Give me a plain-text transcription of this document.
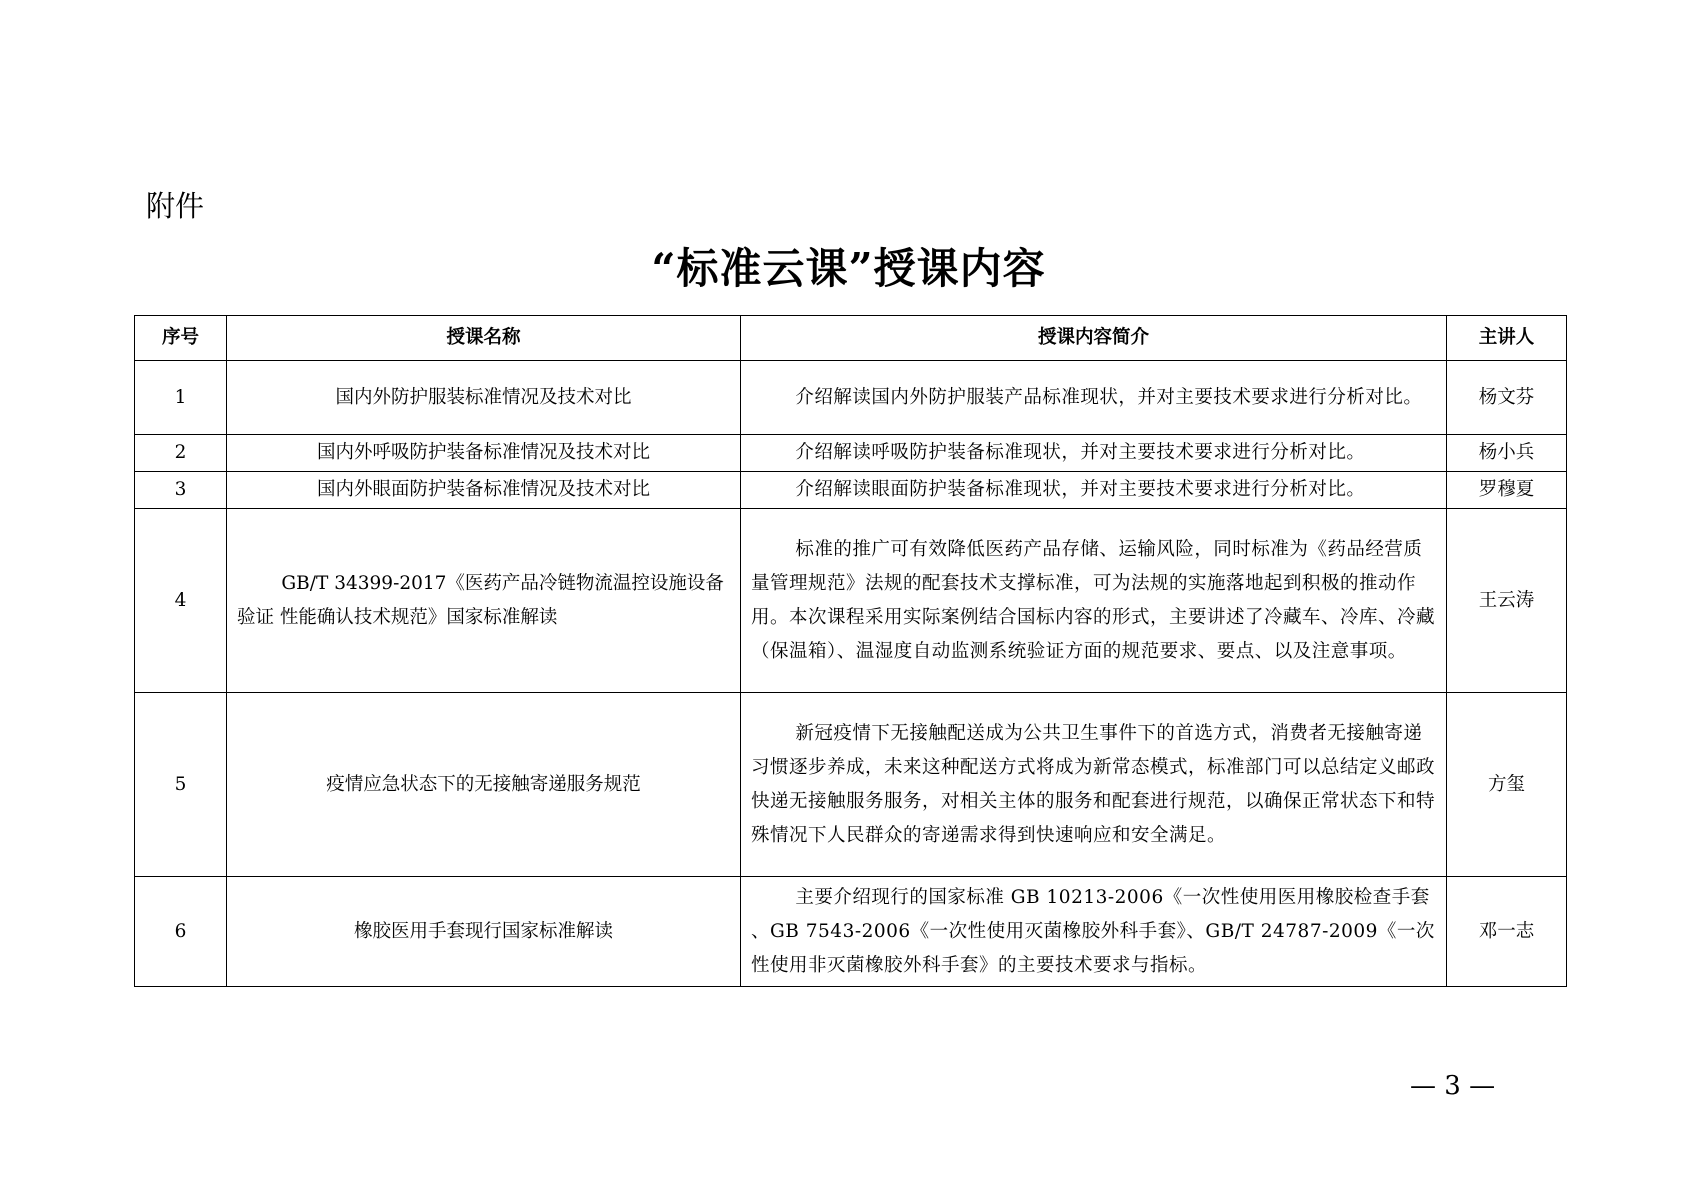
附件
“标准云课”授课内容
序号	授课名称	授课内容简介	主讲人
1	国内外防护服装标准情况及技术对比	介绍解读国内外防护服装产品标准现状，并对主要技术要求进行分析对比。	杨文芬
2	国内外呼吸防护装备标准情况及技术对比	介绍解读呼吸防护装备标准现状，并对主要技术要求进行分析对比。	杨小兵
3	国内外眼面防护装备标准情况及技术对比	介绍解读眼面防护装备标准现状，并对主要技术要求进行分析对比。	罗穆夏
4	GB/T 34399-2017《医药产品冷链物流温控设施设备验证 性能确认技术规范》国家标准解读	标准的推广可有效降低医药产品存储、运输风险，同时标准为《药品经营质量管理规范》法规的配套技术支撑标准，可为法规的实施落地起到积极的推动作用。本次课程采用实际案例结合国标内容的形式，主要讲述了冷藏车、冷库、冷藏（保温箱）、温湿度自动监测系统验证方面的规范要求、要点、以及注意事项。	王云涛
5	疫情应急状态下的无接触寄递服务规范	新冠疫情下无接触配送成为公共卫生事件下的首选方式，消费者无接触寄递习惯逐步养成，未来这种配送方式将成为新常态模式，标准部门可以总结定义邮政快递无接触服务服务，对相关主体的服务和配套进行规范，以确保正常状态下和特殊情况下人民群众的寄递需求得到快速响应和安全满足。	方玺
6	橡胶医用手套现行国家标准解读	主要介绍现行的国家标准 GB 10213-2006《一次性使用医用橡胶检查手套 、GB 7543-2006《一次性使用灭菌橡胶外科手套》、GB/T 24787-2009《一次性使用非灭菌橡胶外科手套》的主要技术要求与指标。	邓一志
— 3 —
